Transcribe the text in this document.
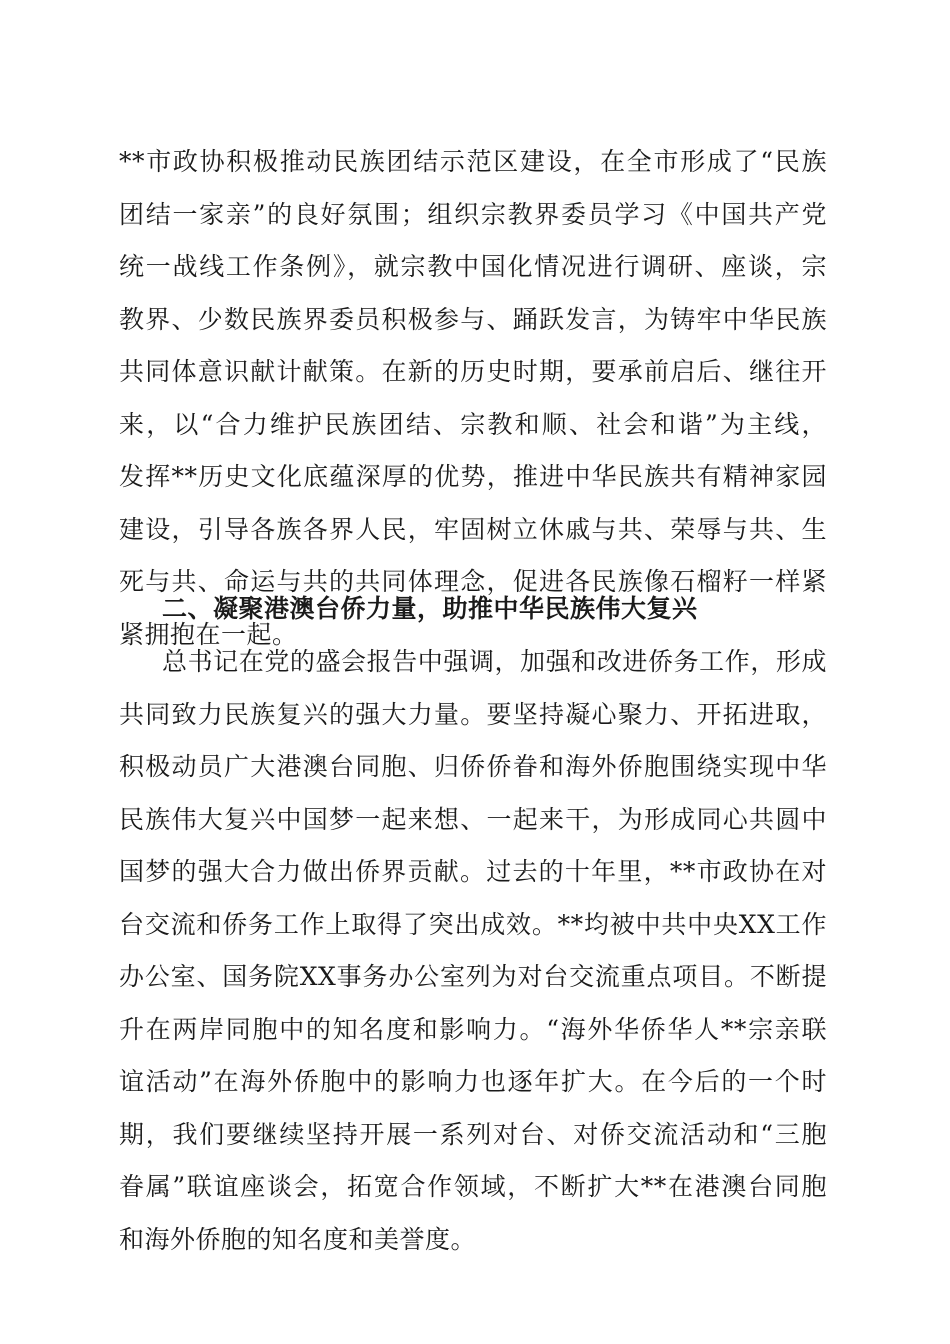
**市政协积极推动民族团结示范区建设，在全市形成了“民族
团结一家亲”的良好氛围；组织宗教界委员学习《中国共产党
统一战线工作条例》，就宗教中国化情况进行调研、座谈，宗
教界、少数民族界委员积极参与、踊跃发言，为铸牢中华民族
共同体意识献计献策。在新的历史时期，要承前启后、继往开
来，以“合力维护民族团结、宗教和顺、社会和谐”为主线，
发挥**历史文化底蕴深厚的优势，推进中华民族共有精神家园
建设，引导各族各界人民，牢固树立休戚与共、荣辱与共、生
死与共、命运与共的共同体理念，促进各民族像石榴籽一样紧
紧拥抱在一起。
二、凝聚港澳台侨力量，助推中华民族伟大复兴
总书记在党的盛会报告中强调，加强和改进侨务工作，形成
共同致力民族复兴的强大力量。要坚持凝心聚力、开拓进取，
积极动员广大港澳台同胞、归侨侨眷和海外侨胞围绕实现中华
民族伟大复兴中国梦一起来想、一起来干，为形成同心共圆中
国梦的强大合力做出侨界贡献。过去的十年里，**市政协在对
台交流和侨务工作上取得了突出成效。**均被中共中央XX工作
办公室、国务院XX事务办公室列为对台交流重点项目。不断提
升在两岸同胞中的知名度和影响力。“海外华侨华人**宗亲联
谊活动”在海外侨胞中的影响力也逐年扩大。在今后的一个时
期，我们要继续坚持开展一系列对台、对侨交流活动和“三胞
眷属”联谊座谈会，拓宽合作领域，不断扩大**在港澳台同胞
和海外侨胞的知名度和美誉度。
